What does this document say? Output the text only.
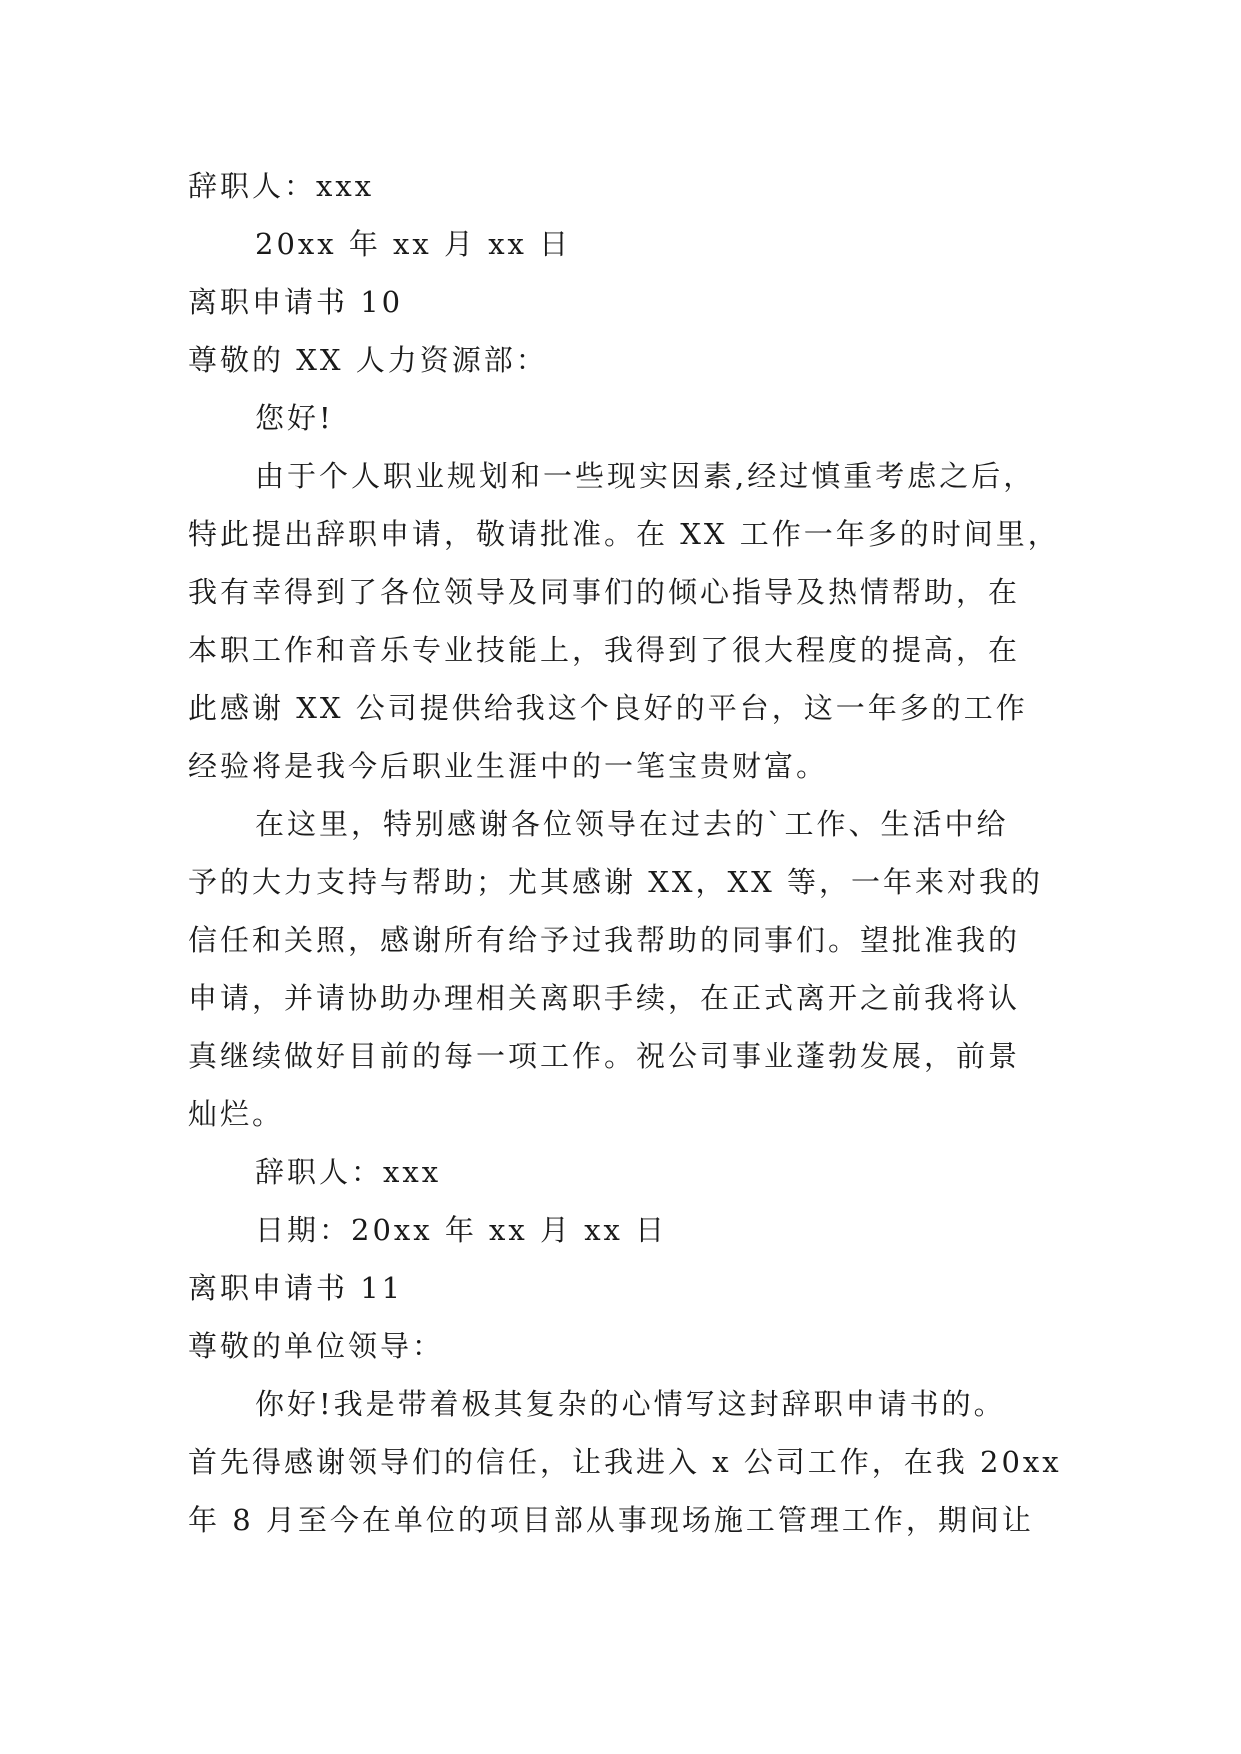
辞职人：xxx

20xx 年 xx 月 xx 日

离职申请书 10

尊敬的 XX 人力资源部：

您好!

由于个人职业规划和一些现实因素,经过慎重考虑之后，

特此提出辞职申请，敬请批准。在 XX 工作一年多的时间里，

我有幸得到了各位领导及同事们的倾心指导及热情帮助，在

本职工作和音乐专业技能上，我得到了很大程度的提高，在

此感谢 XX 公司提供给我这个良好的平台，这一年多的工作

经验将是我今后职业生涯中的一笔宝贵财富。

在这里，特别感谢各位领导在过去的`工作、生活中给

予的大力支持与帮助；尤其感谢 XX，XX 等，一年来对我的

信任和关照，感谢所有给予过我帮助的同事们。望批准我的

申请，并请协助办理相关离职手续，在正式离开之前我将认

真继续做好目前的每一项工作。祝公司事业蓬勃发展，前景

灿烂。

辞职人：xxx

日期：20xx 年 xx 月 xx 日

离职申请书 11

尊敬的单位领导：

你好!我是带着极其复杂的心情写这封辞职申请书的。

首先得感谢领导们的信任，让我进入 x 公司工作，在我 20xx

年 8 月至今在单位的项目部从事现场施工管理工作，期间让
